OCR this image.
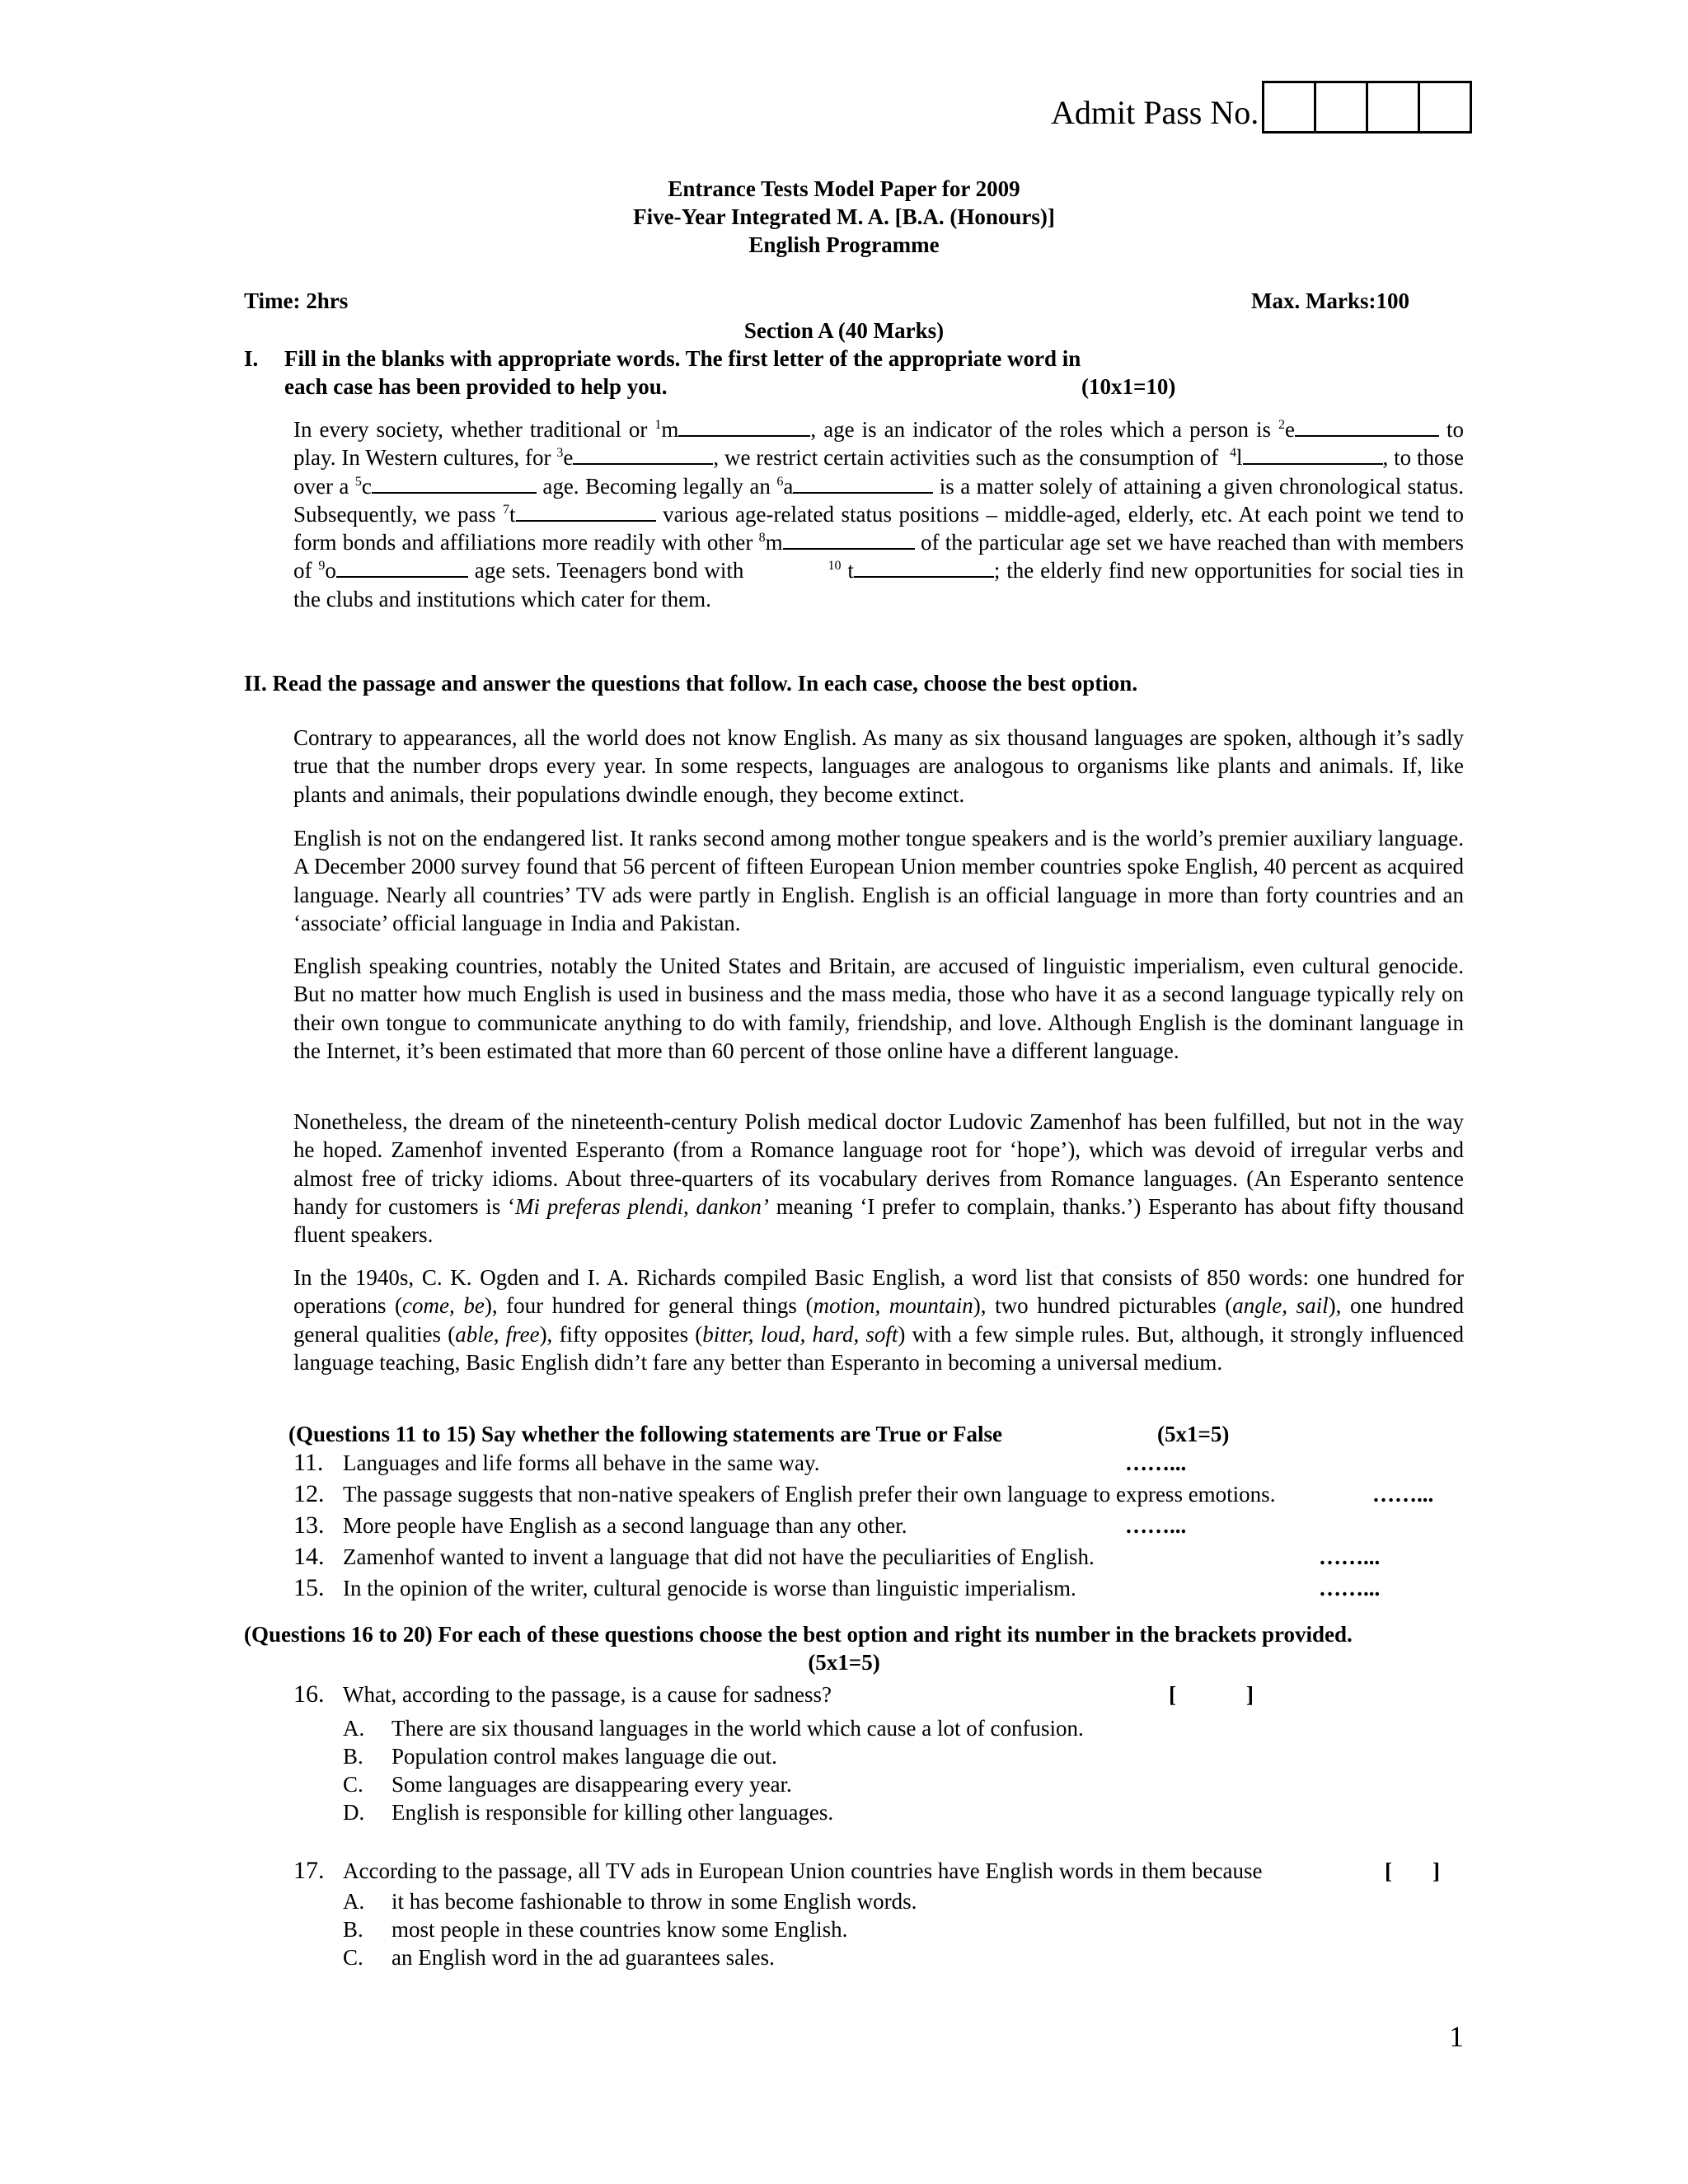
Admit Pass No.
Entrance Tests Model Paper for 2009
Five-Year Integrated M. A. [B.A. (Honours)]
English Programme
Time: 2hrs	Max. Marks:100
Section A (40 Marks)
I. Fill in the blanks with appropriate words. The first letter of the appropriate word in
each case has been provided to help you.	(10x1=10)
In every society, whether traditional or $^1$m	, age is an indicator of the roles which a person is $^2$e	to play. In Western cultures, for $^3$e	, we restrict certain activities such as the consumption of  $^4$l	, to those over a $^5$c	age. Becoming legally an $^6$a	is a matter solely of attaining a given chronological status. Subsequently, we pass $^7$t	various age-related status positions – middle-aged, elderly, etc. At each point we tend to form bonds and affiliations more readily with other $^8$m	of the particular age set we have reached than with members of $^9$o	age sets. Teenagers bond with             $^{10}$ t	; the elderly find new opportunities for social ties in the clubs and institutions which cater for them.
II. Read the passage and answer the questions that follow. In each case, choose the best option.
Contrary to appearances, all the world does not know English. As many as six thousand languages are spoken, although it’s sadly true that the number drops every year. In some respects, languages are analogous to organisms like plants and animals. If, like plants and animals, their populations dwindle enough, they become extinct.
English is not on the endangered list. It ranks second among mother tongue speakers and is the world’s premier auxiliary language. A December 2000 survey found that 56 percent of fifteen European Union member countries spoke English, 40 percent as acquired language. Nearly all countries’ TV ads were partly in English. English is an official language in more than forty countries and an ‘associate’ official language in India and Pakistan.
English speaking countries, notably the United States and Britain, are accused of linguistic imperialism, even cultural genocide. But no matter how much English is used in business and the mass media, those who have it as a second language typically rely on their own tongue to communicate anything to do with family, friendship, and love. Although English is the dominant language in the Internet, it’s been estimated that more than 60 percent of those online have a different language.
Nonetheless, the dream of the nineteenth-century Polish medical doctor Ludovic Zamenhof has been fulfilled, but not in the way he hoped. Zamenhof invented Esperanto (from a Romance language root for ‘hope’), which was devoid of irregular verbs and almost free of tricky idioms. About three-quarters of its vocabulary derives from Romance languages. (An Esperanto sentence handy for customers is ‘Mi preferas plendi, dankon’ meaning ‘I prefer to complain, thanks.’) Esperanto has about fifty thousand fluent speakers.
In the 1940s, C. K. Ogden and I. A. Richards compiled Basic English, a word list that consists of 850 words: one hundred for operations (come, be), four hundred for general things (motion, mountain), two hundred picturables (angle, sail), one hundred general qualities (able, free), fifty opposites (bitter, loud, hard, soft) with a few simple rules. But, although, it strongly influenced language teaching, Basic English didn’t fare any better than Esperanto in becoming a universal medium.
(Questions 11 to 15) Say whether the following statements are True or False	(5x1=5)
11. Languages and life forms all behave in the same way.	……...
12. The passage suggests that non-native speakers of English prefer their own language to express emotions.	……...
13. More people have English as a second language than any other.	……...
14. Zamenhof wanted to invent a language that did not have the peculiarities of English.	……...
15. In the opinion of the writer, cultural genocide is worse than linguistic imperialism.	……...
(Questions 16 to 20) For each of these questions choose the best option and right its number in the brackets provided.
(5x1=5)
16. What, according to the passage, is a cause for sadness?	[	]
A. There are six thousand languages in the world which cause a lot of confusion.
B. Population control makes language die out.
C. Some languages are disappearing every year.
D. English is responsible for killing other languages.
17. According to the passage, all TV ads in European Union countries have English words in them because	[ ]
A. it has become fashionable to throw in some English words.
B. most people in these countries know some English.
C. an English word in the ad guarantees sales.
1
